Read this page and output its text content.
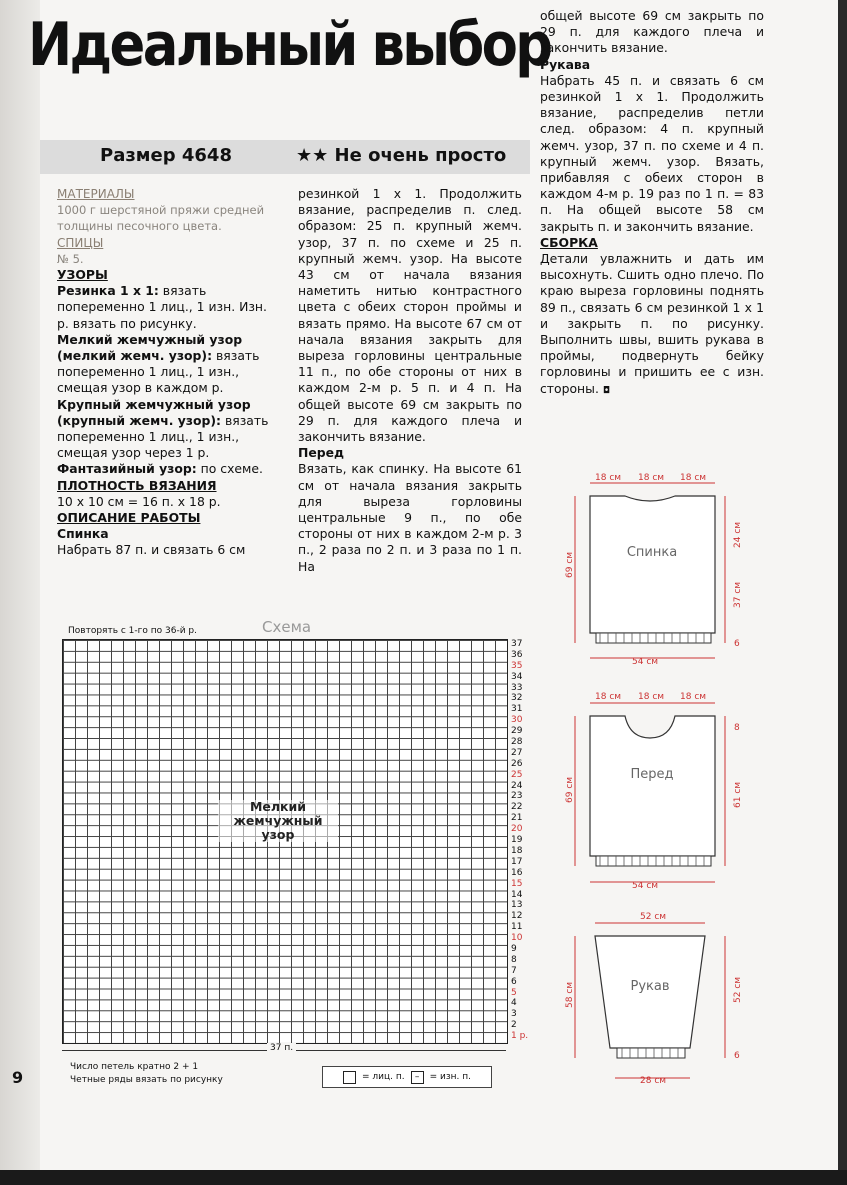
Идеальный выбор
Размер 4648	★★ Не очень просто

МАТЕРИАЛЫ

1000 г шерстяной пряжи средней толщины песочного цвета.

СПИЦЫ

№ 5.

УЗОРЫ

Резинка 1 х 1: вязать попеременно 1 лиц., 1 изн. Изн. р. вязать по рисунку.

Мелкий жемчужный узор (мелкий жемч. узор): вязать попеременно 1 лиц., 1 изн., смещая узор в каждом р.

Крупный жемчужный узор (крупный жемч. узор): вязать попеременно 1 лиц., 1 изн., смещая узор через 1 р.

Фантазийный узор: по схеме.

ПЛОТНОСТЬ ВЯЗАНИЯ

10 х 10 см = 16 п. х 18 р.

ОПИСАНИЕ РАБОТЫ

Спинка

Набрать 87 п. и связать 6 см

резинкой 1 х 1. Продолжить вязание, распределив п. след. образом: 25 п. крупный жемч. узор, 37 п. по схеме и 25 п. крупный жемч. узор. На высоте 43 см от начала вязания наметить нитью контрастного цвета с обеих сторон проймы и вязать прямо. На высоте 67 см от начала вязания закрыть для выреза горловины центральные 11 п., по обе стороны от них в каждом 2-м р. 5 п. и 4 п. На общей высоте 69 см закрыть по 29 п. для каждого плеча и закончить вязание.

Перед

Вязать, как спинку. На высоте 61 см от начала вязания закрыть для выреза горловины центральные 9 п., по обе стороны от них в каждом 2-м р. 3 п., 2 раза по 2 п. и 3 раза по 1 п. На

общей высоте 69 см закрыть по 29 п. для каждого плеча и закончить вязание.

Рукава

Набрать 45 п. и связать 6 см резинкой 1 х 1. Продолжить вязание, распределив петли след. образом: 4 п. крупный жемч. узор, 37 п. по схеме и 4 п. крупный жемч. узор. Вязать, прибавляя с обеих сторон в каждом 4-м р. 19 раз по 1 п. = 83 п. На общей высоте 58 см закрыть п. и закончить вязание.

СБОРКА

Детали увлажнить и дать им высохнуть. Сшить одно плечо. По краю выреза горловины поднять 89 п., связать 6 см резинкой 1 х 1 и закрыть п. по рисунку. Выполнить швы, вшить рукава в проймы, подвернуть бейку горловины и пришить ее с изн. стороны. ◘

Повторять с 1-го по 36-й р.	Схема
Мелкий жемчужный узор
37
36
35
34
33
32
31
30
29
28
27
26
25
24
23
22
21
20
19
18
17
16
15
14
13
12
11
10
9
8
7
6
5
4
3
2
1 р.
37 п.
Число петель кратно 2 + 1
Четные ряды вязать по рисунку	= лиц. п.	–	= изн. п.
9
18 см 18 см 18 см
69 см
24 см
37 см
6
54 см
Спинка
18 см 18 см 18 см
69 см
8
61 см
54 см
Перед
52 см
58 см	52 см
6
28 см
Рукав
